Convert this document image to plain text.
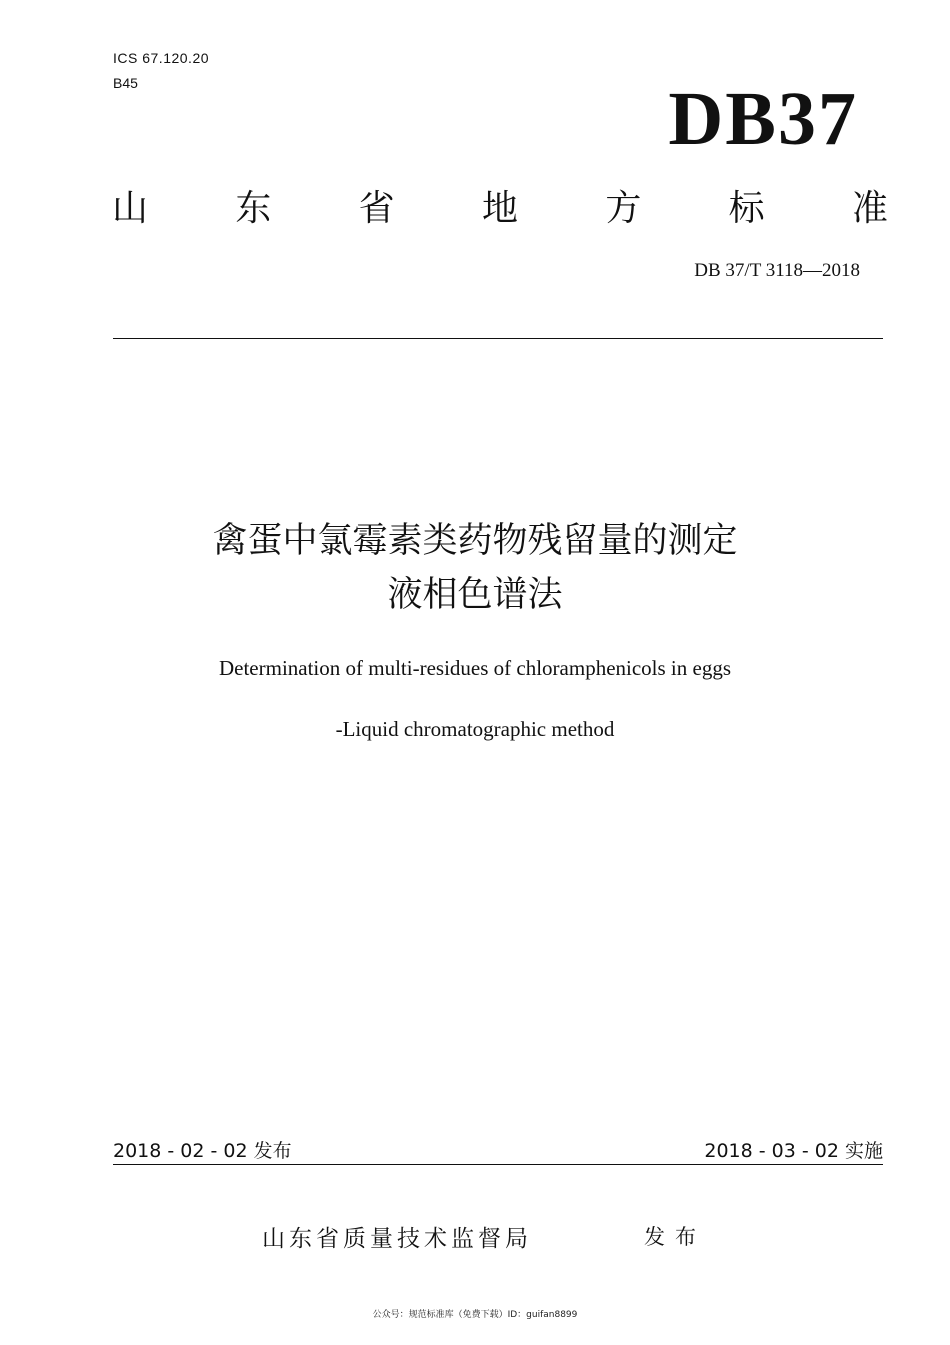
ICS 67.120.20
B45	DB37
山 东 省 地 方 标 准
DB 37/T 3118—2018
禽蛋中氯霉素类药物残留量的测定
液相色谱法
Determination of multi-residues of chloramphenicols in eggs
-Liquid chromatographic method
2018 - 02 - 02 发布	2018 - 03 - 02 实施
山东省质量技术监督局	发布
公众号：规范标准库（免费下载）ID：guifan8899
